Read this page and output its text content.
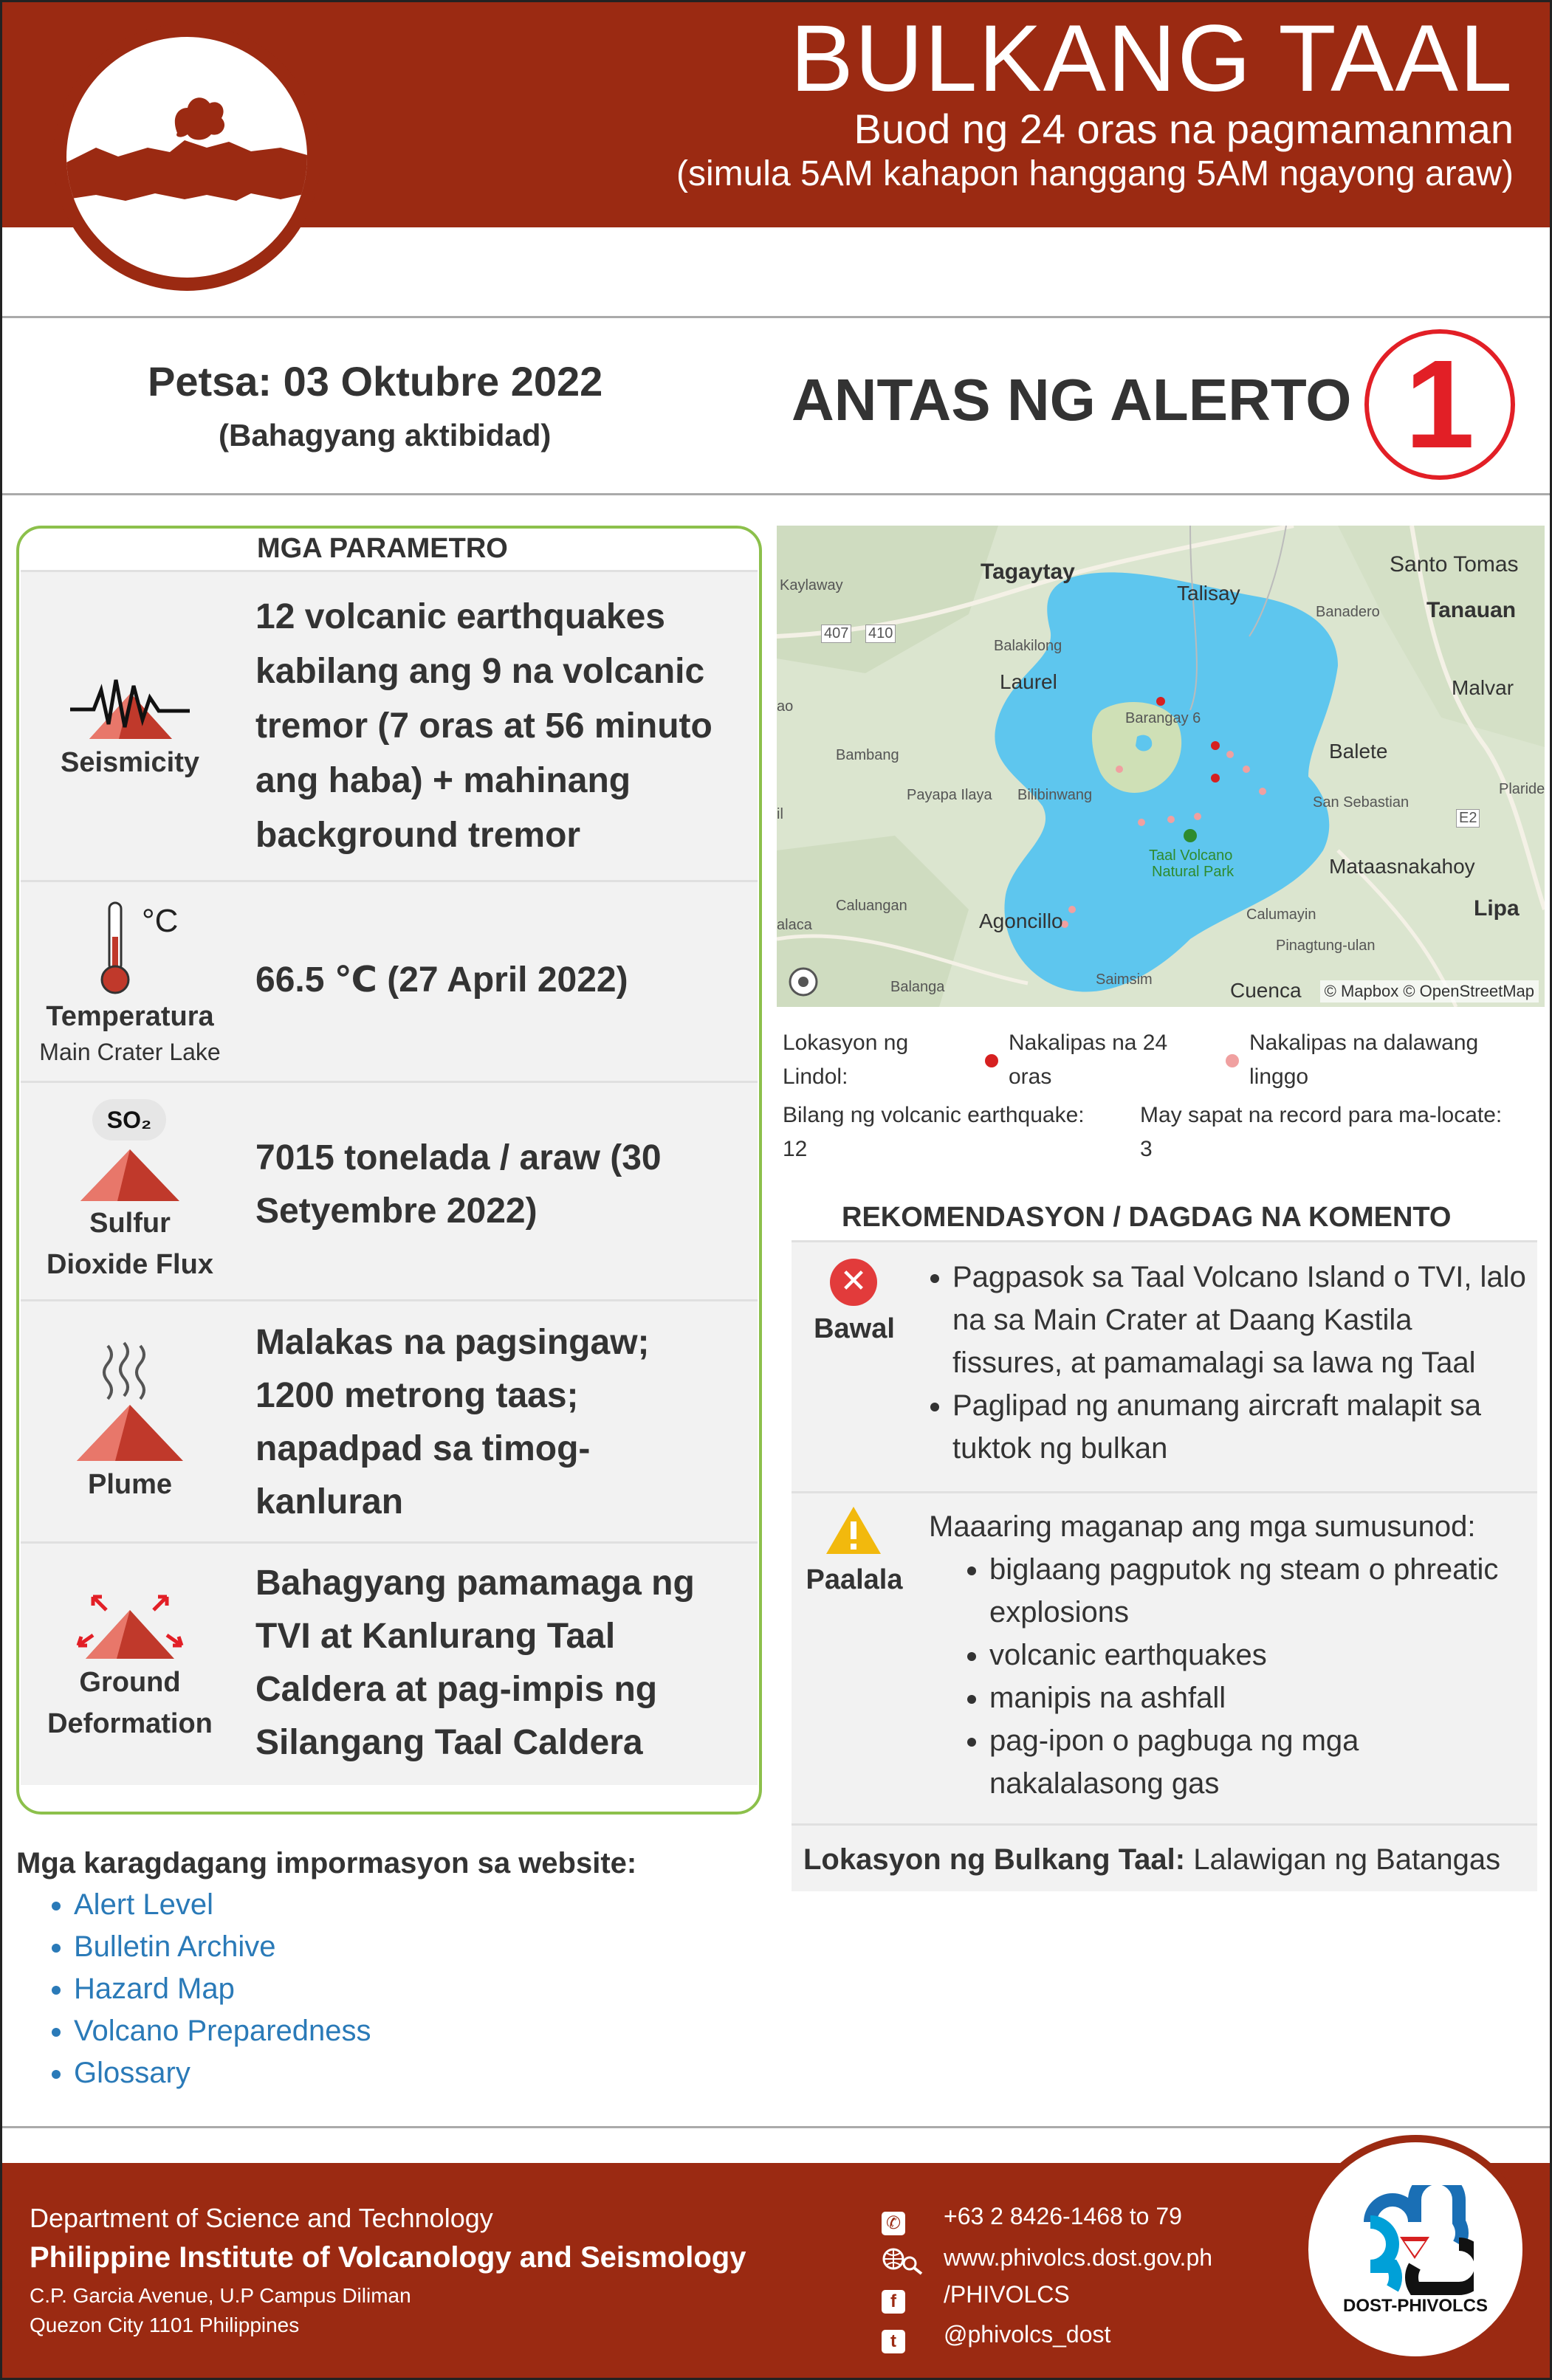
BULKANG TAAL
Buod ng 24 oras na pagmamanman
(simula 5AM kahapon hanggang 5AM ngayong araw)
Petsa: 03 Oktubre 2022
(Bahagyang aktibidad)
ANTAS NG ALERTO 1
MGA PARAMETRO
Seismicity
12 volcanic earthquakes
kabilang ang 9 na volcanic
tremor (7 oras at 56 minuto
ang haba) + mahinang
background tremor
°C
Temperatura
Main Crater Lake
66.5 ℃ (27 April 2022)
SO₂
Sulfur
Dioxide Flux
7015 tonelada / araw (30
Setyembre 2022)
Plume
Malakas na pagsingaw;
1200 metrong taas;
napadpad sa timog-
kanluran
Ground
Deformation
Bahagyang pamamaga ng
TVI at Kanlurang Taal
Caldera at pag-impis ng
Silangang Taal Caldera
Tagaytay
Talisay
Santo Tomas
Tanauan
Kaylaway
Balakilong
Banadero
Laurel	Malvar
Barangay 6
Bambang	Balete
Payapa Ilaya Bilibinwang	Plaride
San Sebastian
Taal Volcano
Natural Park	Mataasnakahoy
Caluangan
Agoncillo
Lipa
Calumayin
Pinagtung-ulan
Balanga	Saimsim	Cuenca
alaca
ao
il
407 410
E2
© Mapbox © OpenStreetMap
Lokasyon ng
Lindol:
Nakalipas na 24
oras
Nakalipas na dalawang
linggo
Bilang ng volcanic earthquake:
12
May sapat na record para ma-locate:
3
REKOMENDASYON / DAGDAG NA KOMENTO
✕
Bawal
• Pagpasok sa Taal Volcano Island o TVI, lalo
na sa Main Crater at Daang Kastila
fissures, at pamamalagi sa lawa ng Taal
• Paglipad ng anumang aircraft malapit sa
tuktok ng bulkan
Paalala
Maaaring maganap ang mga sumusunod:
• biglaang pagputok ng steam o phreatic
explosions
• volcanic earthquakes
• manipis na ashfall
• pag-ipon o pagbuga ng mga
nakalalasong gas
Lokasyon ng Bulkang Taal: Lalawigan ng Batangas
Mga karagdagang impormasyon sa website:
• Alert Level
• Bulletin Archive
• Hazard Map
• Volcano Preparedness
• Glossary
Department of Science and Technology
Philippine Institute of Volcanology and Seismology
C.P. Garcia Avenue, U.P Campus Diliman
Quezon City 1101 Philippines
✆ +63 2 8426-1468 to 79
www.phivolcs.dost.gov.ph
f	/PHIVOLCS
t	@phivolcs_dost
DOST-PHIVOLCS
